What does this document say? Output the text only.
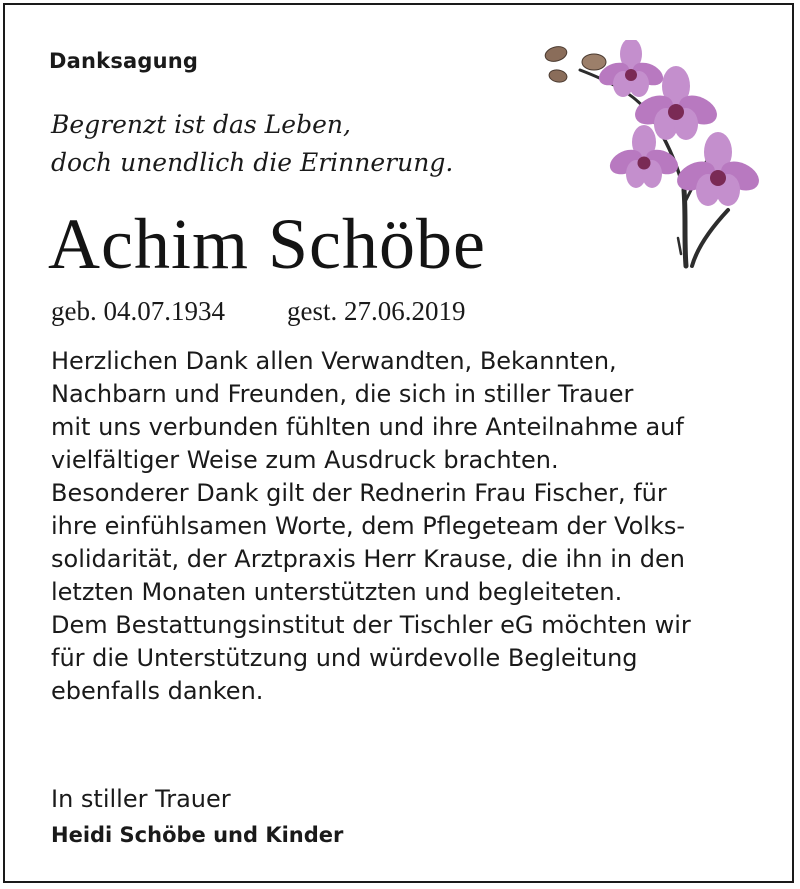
Danksagung
Begrenzt ist das Leben,
doch unendlich die Erinnerung.
Achim Schöbe
geb. 04.07.1934 gest. 27.06.2019
Herzlichen Dank allen Verwandten, Bekannten,
Nachbarn und Freunden, die sich in stiller Trauer
mit uns verbunden fühlten und ihre Anteilnahme auf
vielfältiger Weise zum Ausdruck brachten.
Besonderer Dank gilt der Rednerin Frau Fischer, für
ihre einfühlsamen Worte, dem Pflegeteam der Volks-
solidarität, der Arztpraxis Herr Krause, die ihn in den
letzten Monaten unterstützten und begleiteten.
Dem Bestattungsinstitut der Tischler eG möchten wir
für die Unterstützung und würdevolle Begleitung
ebenfalls danken.
In stiller Trauer
Heidi Schöbe und Kinder
